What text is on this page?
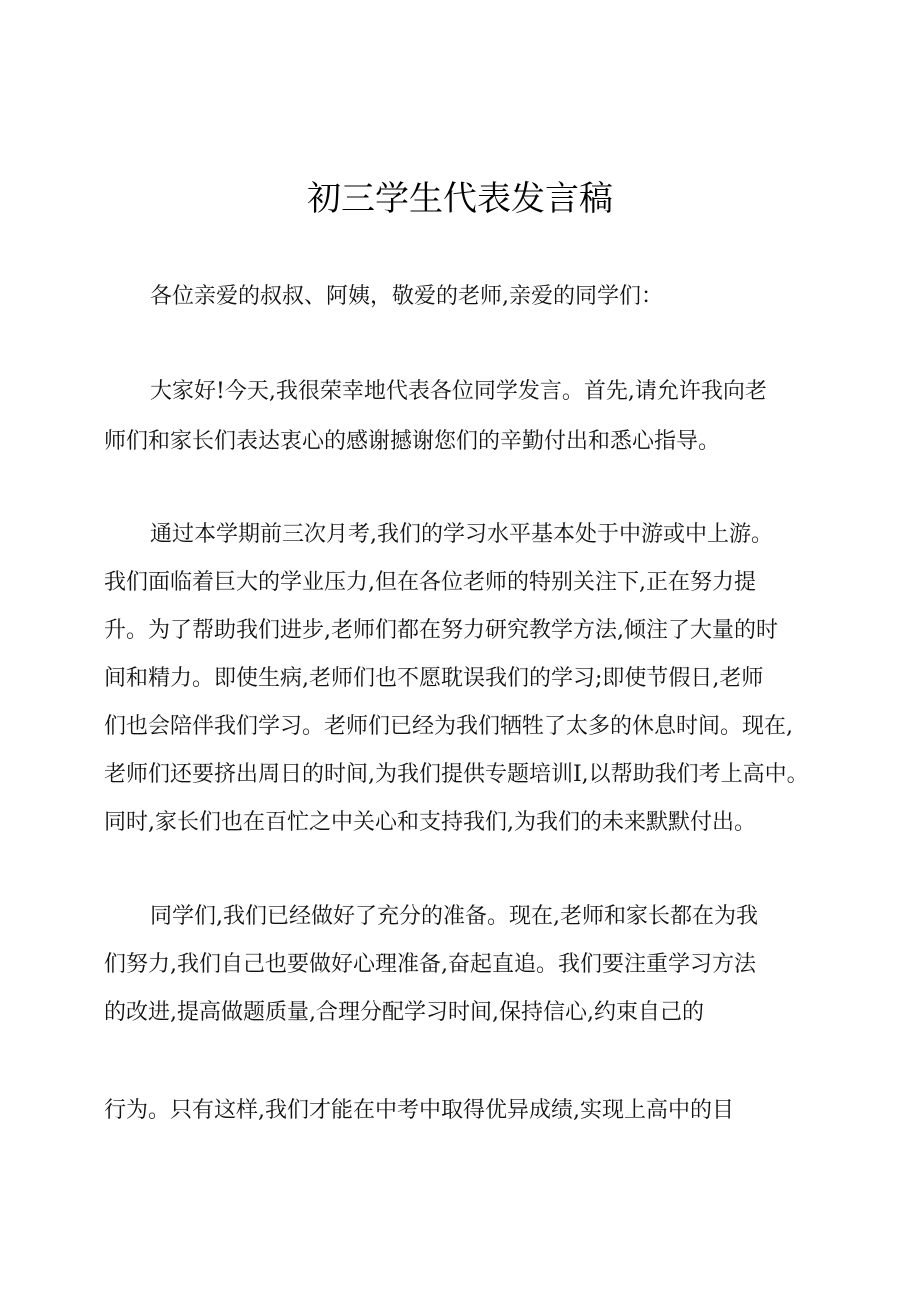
初三学生代表发言稿

各位亲爱的叔叔、阿姨，敬爱的老师,亲爱的同学们：

大家好!今天,我很荣幸地代表各位同学发言。首先,请允许我向老

师们和家长们表达衷心的感谢撼谢您们的辛勤付出和悉心指导。

通过本学期前三次月考,我们的学习水平基本处于中游或中上游。

我们面临着巨大的学业压力,但在各位老师的特别关注下,正在努力提

升。为了帮助我们进步,老师们都在努力研究教学方法,倾注了大量的时

间和精力。即使生病,老师们也不愿耽误我们的学习;即使节假日,老师

们也会陪伴我们学习。老师们已经为我们牺牲了太多的休息时间。现在,

老师们还要挤出周日的时间,为我们提供专题培训I,以帮助我们考上高中。

同时,家长们也在百忙之中关心和支持我们,为我们的未来默默付出。

同学们,我们已经做好了充分的准备。现在,老师和家长都在为我

们努力,我们自己也要做好心理准备,奋起直追。我们要注重学习方法

的改进,提高做题质量,合理分配学习时间,保持信心,约束自己的

行为。只有这样,我们才能在中考中取得优异成绩,实现上高中的目
